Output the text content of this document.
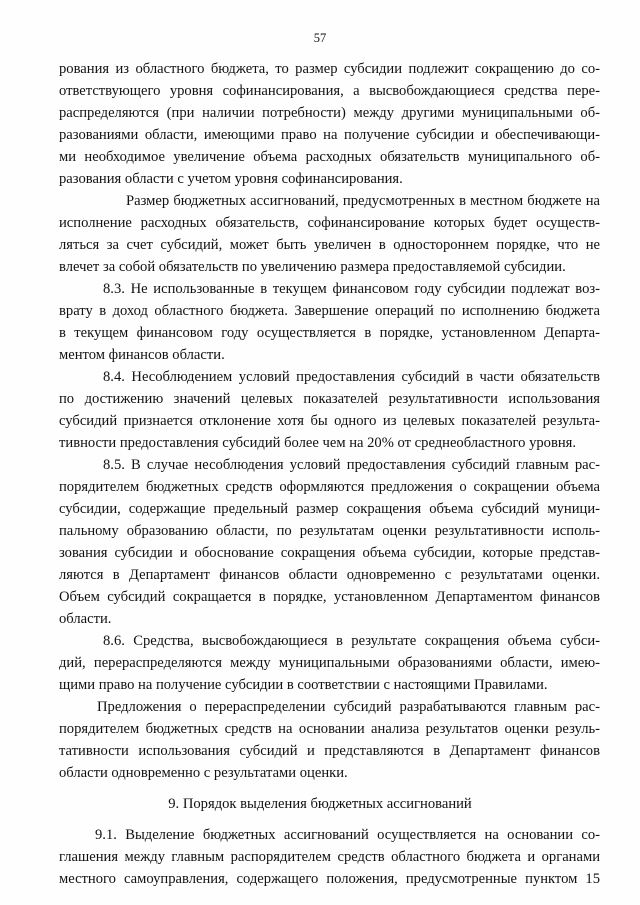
57
рования из областного бюджета, то размер субсидии подлежит сокращению до со-
ответствующего уровня софинансирования, а высвобождающиеся средства пере-
распределяются (при наличии потребности) между другими муниципальными об-
разованиями области, имеющими право на получение субсидии и обеспечивающи-
ми необходимое увеличение объема расходных обязательств муниципального об-
разования области с учетом уровня софинансирования.
Размер бюджетных ассигнований, предусмотренных в местном бюджете на
исполнение расходных обязательств, софинансирование которых будет осуществ-
ляться за счет субсидий, может быть увеличен в одностороннем порядке, что не
влечет за собой обязательств по увеличению размера предоставляемой субсидии.
8.3. Не использованные в текущем финансовом году субсидии подлежат воз-
врату в доход областного бюджета. Завершение операций по исполнению бюджета
в текущем финансовом году осуществляется в порядке, установленном Департа-
ментом финансов области.
8.4. Несоблюдением условий предоставления субсидий в части обязательств
по достижению значений целевых показателей результативности использования
субсидий признается отклонение хотя бы одного из целевых показателей результа-
тивности предоставления субсидий более чем на 20% от среднеобластного уровня.
8.5. В случае несоблюдения условий предоставления субсидий главным рас-
порядителем бюджетных средств оформляются предложения о сокращении объема
субсидии, содержащие предельный размер сокращения объема субсидий муници-
пальному образованию области, по результатам оценки результативности исполь-
зования субсидии и обоснование сокращения объема субсидии, которые представ-
ляются в Департамент финансов области одновременно с результатами оценки.
Объем субсидий сокращается в порядке, установленном Департаментом финансов
области.
8.6. Средства, высвобождающиеся в результате сокращения объема субси-
дий, перераспределяются между муниципальными образованиями области, имею-
щими право на получение субсидии в соответствии с настоящими Правилами.
Предложения о перераспределении субсидий разрабатываются главным рас-
порядителем бюджетных средств на основании анализа результатов оценки резуль-
тативности использования субсидий и представляются в Департамент финансов
области одновременно с результатами оценки.
9. Порядок выделения бюджетных ассигнований
9.1. Выделение бюджетных ассигнований осуществляется на основании со-
глашения между главным распорядителем средств областного бюджета и органами
местного самоуправления, содержащего положения, предусмотренные пунктом 15
